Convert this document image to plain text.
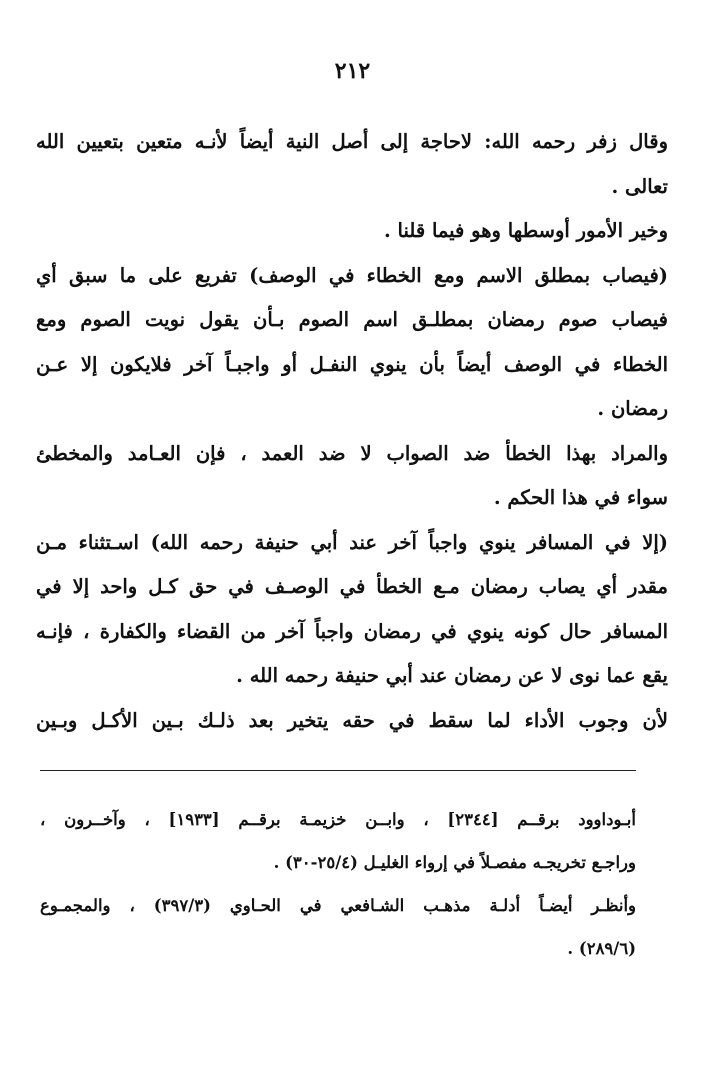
٢١٢
وقال زفر رحمه الله: لاحاجة إلى أصل النية أيضاً لأنـه متعين بتعيين الله
تعالى .
وخير الأمور أوسطها وهو فيما قلنا .
(فيصاب بمطلق الاسم ومع الخطاء في الوصف) تفريع على ما سبق أي
فيصاب صوم رمضان بمطلـق اسم الصوم بـأن يقول نويت الصوم ومع
الخطاء في الوصف أيضاً بأن ينوي النفـل أو واجبـاً آخر فلايكون إلا عـن
رمضان .
والمراد بهذا الخطأ ضد الصواب لا ضد العمد ، فإن العـامد والمخطئ
سواء في هذا الحكم .
(إلا في المسافر ينوي واجباً آخر عند أبي حنيفة رحمه الله) اسـتثناء مـن
مقدر أي يصاب رمضان مـع الخطأ في الوصـف في حق كـل واحد إلا في
المسافر حال كونه ينوي في رمضان واجباً آخر من القضاء والكفارة ، فإنـه
يقع عما نوى لا عن رمضان عند أبي حنيفة رحمه الله .
لأن وجوب الأداء لما سقط في حقه يتخير بعد ذلـك بـين الأكـل وبـين
أبـوداوود برقــم [٢٣٤٤] ، وابــن خزيمـة برقــم [١٩٣٣] ، وآخــرون ،
وراجـع تخريجـه مفصـلاً في إرواء الغليـل (٢٥/٤-٣٠) .
وأنظـر أيضـاً أدلـة مذهـب الشـافعي في الحـاوي (٣٩٧/٣) ، والمجمـوع
(٢٨٩/٦) .
